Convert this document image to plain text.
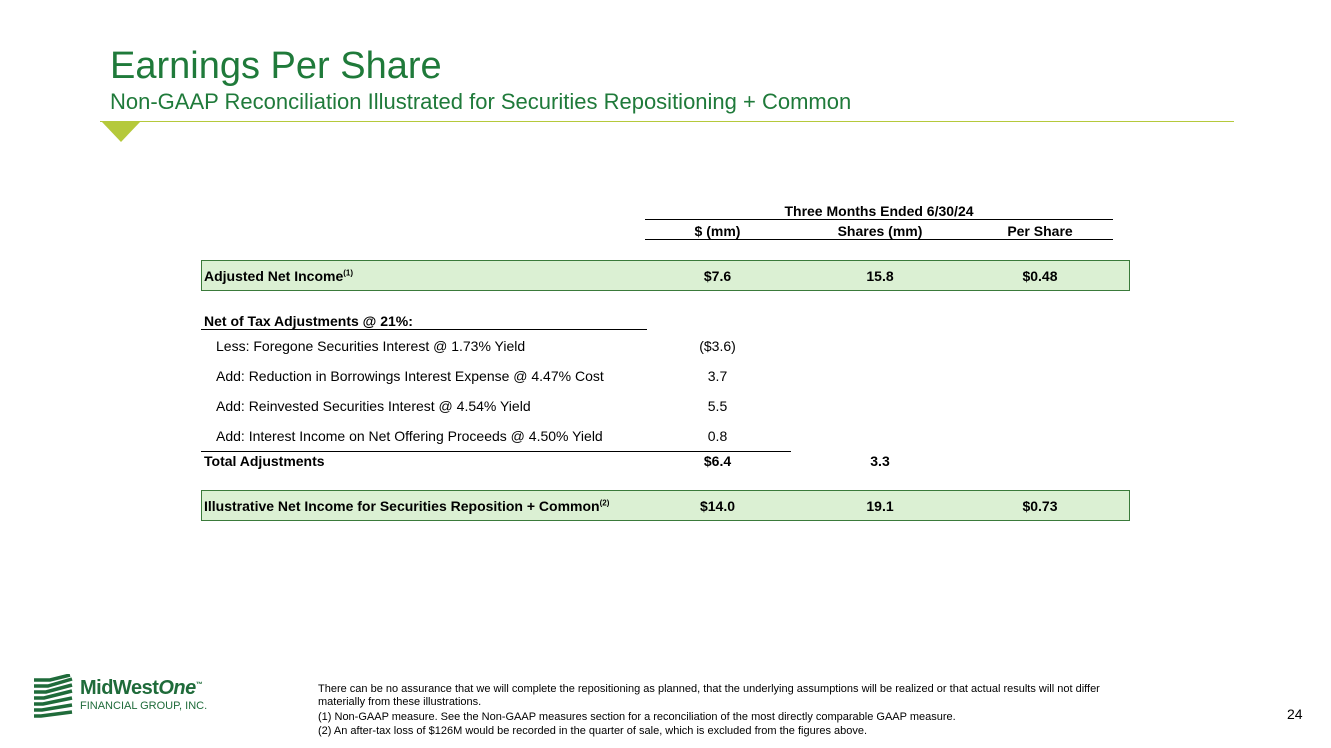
Earnings Per Share
Non-GAAP Reconciliation Illustrated for Securities Repositioning + Common
Three Months Ended 6/30/24
$ (mm)	Shares (mm)	Per Share
Adjusted Net Income$^{(1)}$	$7.6	15.8	$0.48
Net of Tax Adjustments @ 21%:
Less: Foregone Securities Interest @ 1.73% Yield	($3.6)
Add: Reduction in Borrowings Interest Expense @ 4.47% Cost	3.7
Add: Reinvested Securities Interest @ 4.54% Yield	5.5
Add: Interest Income on Net Offering Proceeds @ 4.50% Yield	0.8
Total Adjustments	$6.4	3.3
Illustrative Net Income for Securities Reposition + Common$^{(2)}$	$14.0	19.1	$0.73
MidWestOne™
FINANCIAL GROUP, INC.
There can be no assurance that we will complete the repositioning as planned, that the underlying assumptions will be realized or that actual results will not differ
materially from these illustrations.
(1) Non-GAAP measure. See the Non-GAAP measures section for a reconciliation of the most directly comparable GAAP measure.
(2) An after-tax loss of $126M would be recorded in the quarter of sale, which is excluded from the figures above.
24
